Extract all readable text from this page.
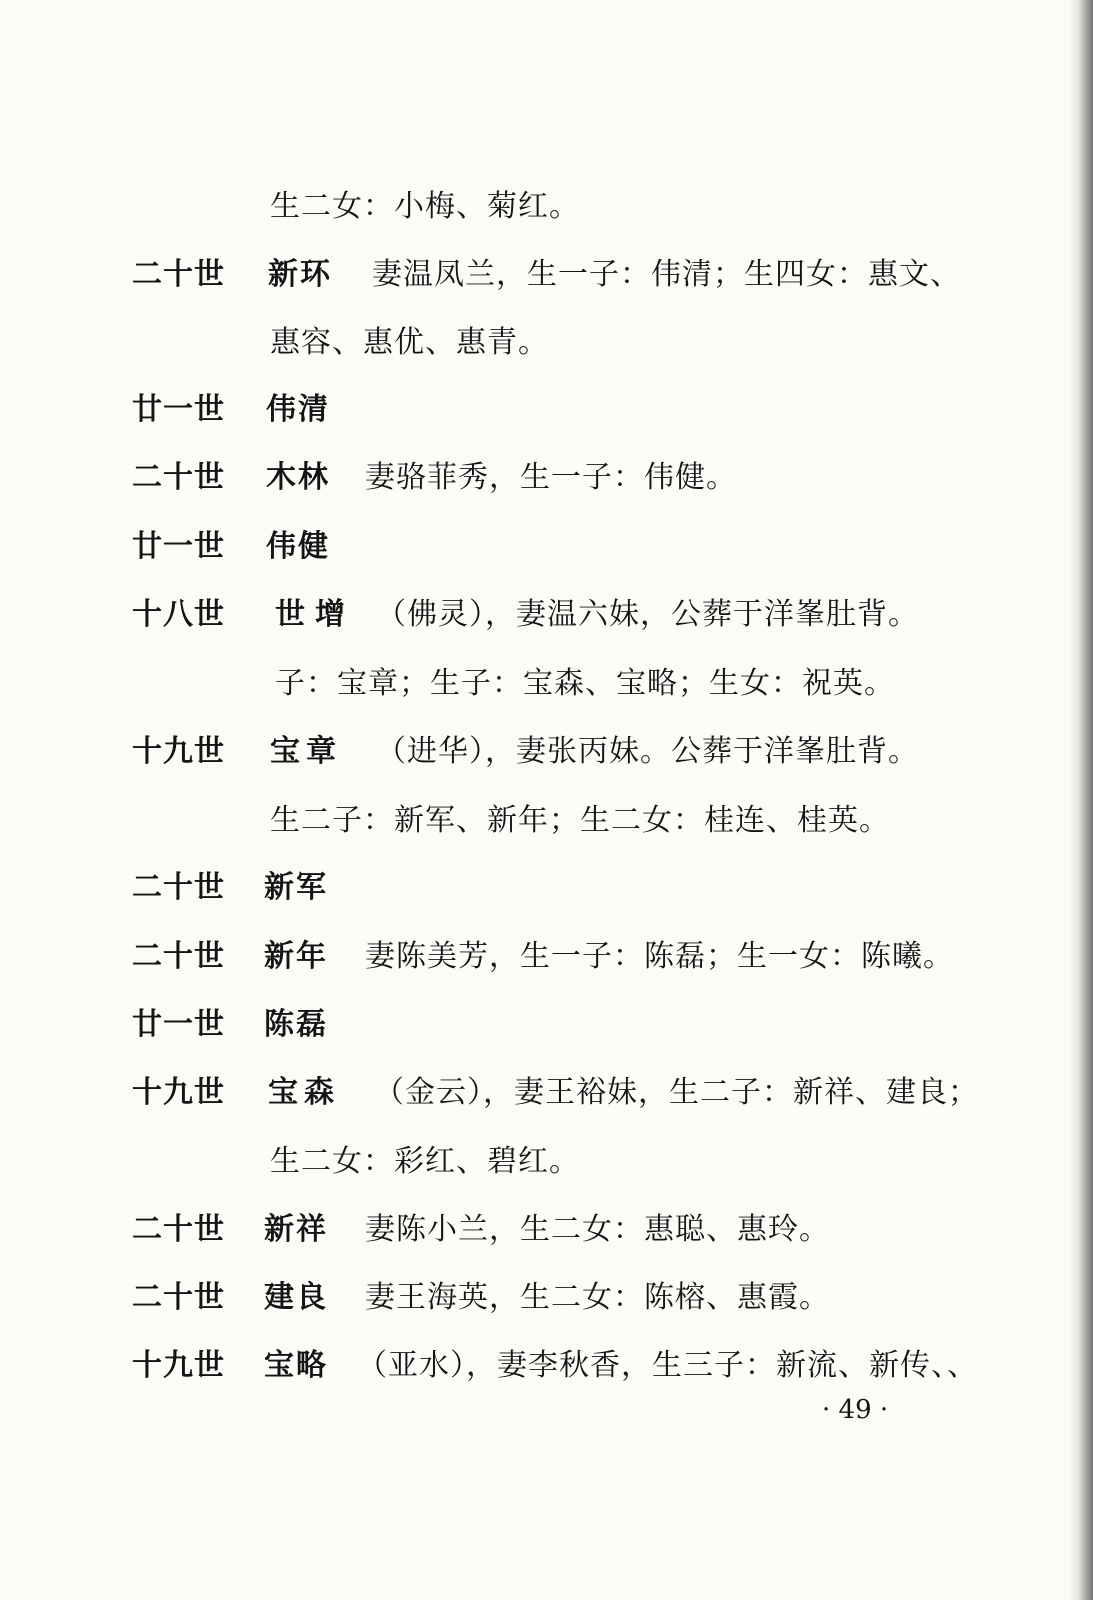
生二女：小梅、菊红。
二十世 新环 妻温凤兰，生一子：伟清；生四女：惠文、
惠容、惠优、惠青。
廿一世 伟清
二十世 木林 妻骆菲秀，生一子：伟健。
廿一世 伟健
十八世 世增 （佛灵），妻温六妹，公葬于洋峯肚背。
子：宝章；生子：宝森、宝略；生女：祝英。
十九世 宝章 （进华），妻张丙妹。公葬于洋峯肚背。
生二子：新军、新年；生二女：桂连、桂英。
二十世 新军
二十世 新年 妻陈美芳，生一子：陈磊；生一女：陈曦。
廿一世 陈磊
十九世 宝森 （金云），妻王裕妹，生二子：新祥、建良；
生二女：彩红、碧红。
二十世 新祥 妻陈小兰，生二女：惠聪、惠玲。
二十世 建良 妻王海英，生二女：陈榕、惠霞。
十九世 宝略 （亚水），妻李秋香，生三子：新流、新传、、
· 49 ·
